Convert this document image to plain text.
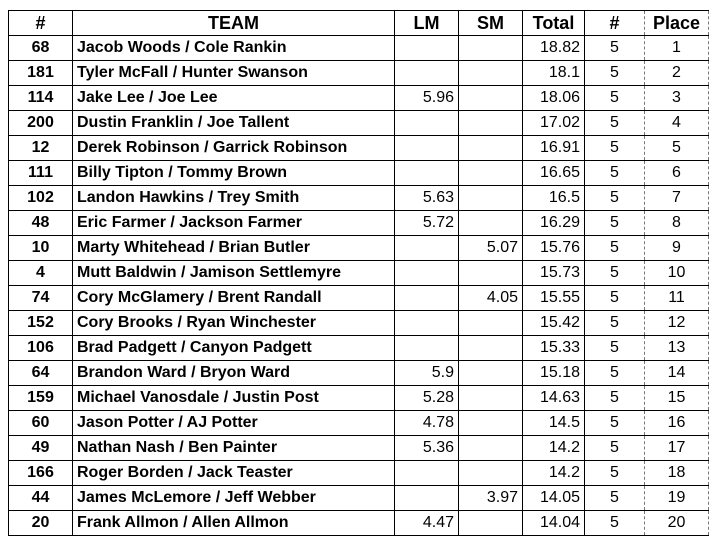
#	TEAM	LM	SM	Total	#	Place
68	Jacob Woods / Cole Rankin			18.82	5	1
181	Tyler McFall / Hunter Swanson			18.1	5	2
114	Jake Lee / Joe Lee	5.96		18.06	5	3
200	Dustin Franklin / Joe Tallent			17.02	5	4
12	Derek Robinson / Garrick Robinson			16.91	5	5
111	Billy Tipton / Tommy Brown			16.65	5	6
102	Landon Hawkins / Trey Smith	5.63		16.5	5	7
48	Eric Farmer / Jackson Farmer	5.72		16.29	5	8
10	Marty Whitehead / Brian Butler		5.07	15.76	5	9
4	Mutt Baldwin / Jamison Settlemyre			15.73	5	10
74	Cory McGlamery / Brent Randall		4.05	15.55	5	11
152	Cory Brooks / Ryan Winchester			15.42	5	12
106	Brad Padgett / Canyon Padgett			15.33	5	13
64	Brandon Ward / Bryon Ward	5.9		15.18	5	14
159	Michael Vanosdale / Justin Post	5.28		14.63	5	15
60	Jason Potter / AJ Potter	4.78		14.5	5	16
49	Nathan Nash / Ben Painter	5.36		14.2	5	17
166	Roger Borden / Jack Teaster			14.2	5	18
44	James McLemore / Jeff Webber		3.97	14.05	5	19
20	Frank Allmon / Allen Allmon	4.47		14.04	5	20
